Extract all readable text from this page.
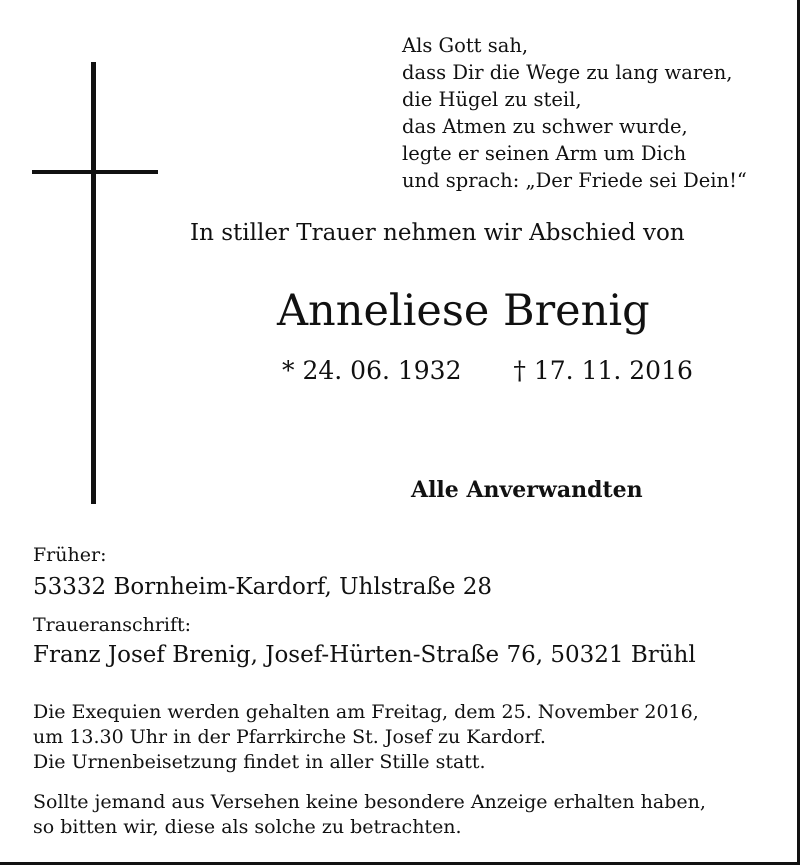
Als Gott sah,
dass Dir die Wege zu lang waren,
die Hügel zu steil,
das Atmen zu schwer wurde,
legte er seinen Arm um Dich
und sprach: „Der Friede sei Dein!“
In stiller Trauer nehmen wir Abschied von
Anneliese Brenig
* 24. 06. 1932 † 17. 11. 2016
Alle Anverwandten
Früher:
53332 Bornheim-Kardorf, Uhlstraße 28
Traueranschrift:
Franz Josef Brenig, Josef-Hürten-Straße 76, 50321 Brühl
Die Exequien werden gehalten am Freitag, dem 25. November 2016,
um 13.30 Uhr in der Pfarrkirche St. Josef zu Kardorf.
Die Urnenbeisetzung findet in aller Stille statt.
Sollte jemand aus Versehen keine besondere Anzeige erhalten haben,
so bitten wir, diese als solche zu betrachten.
